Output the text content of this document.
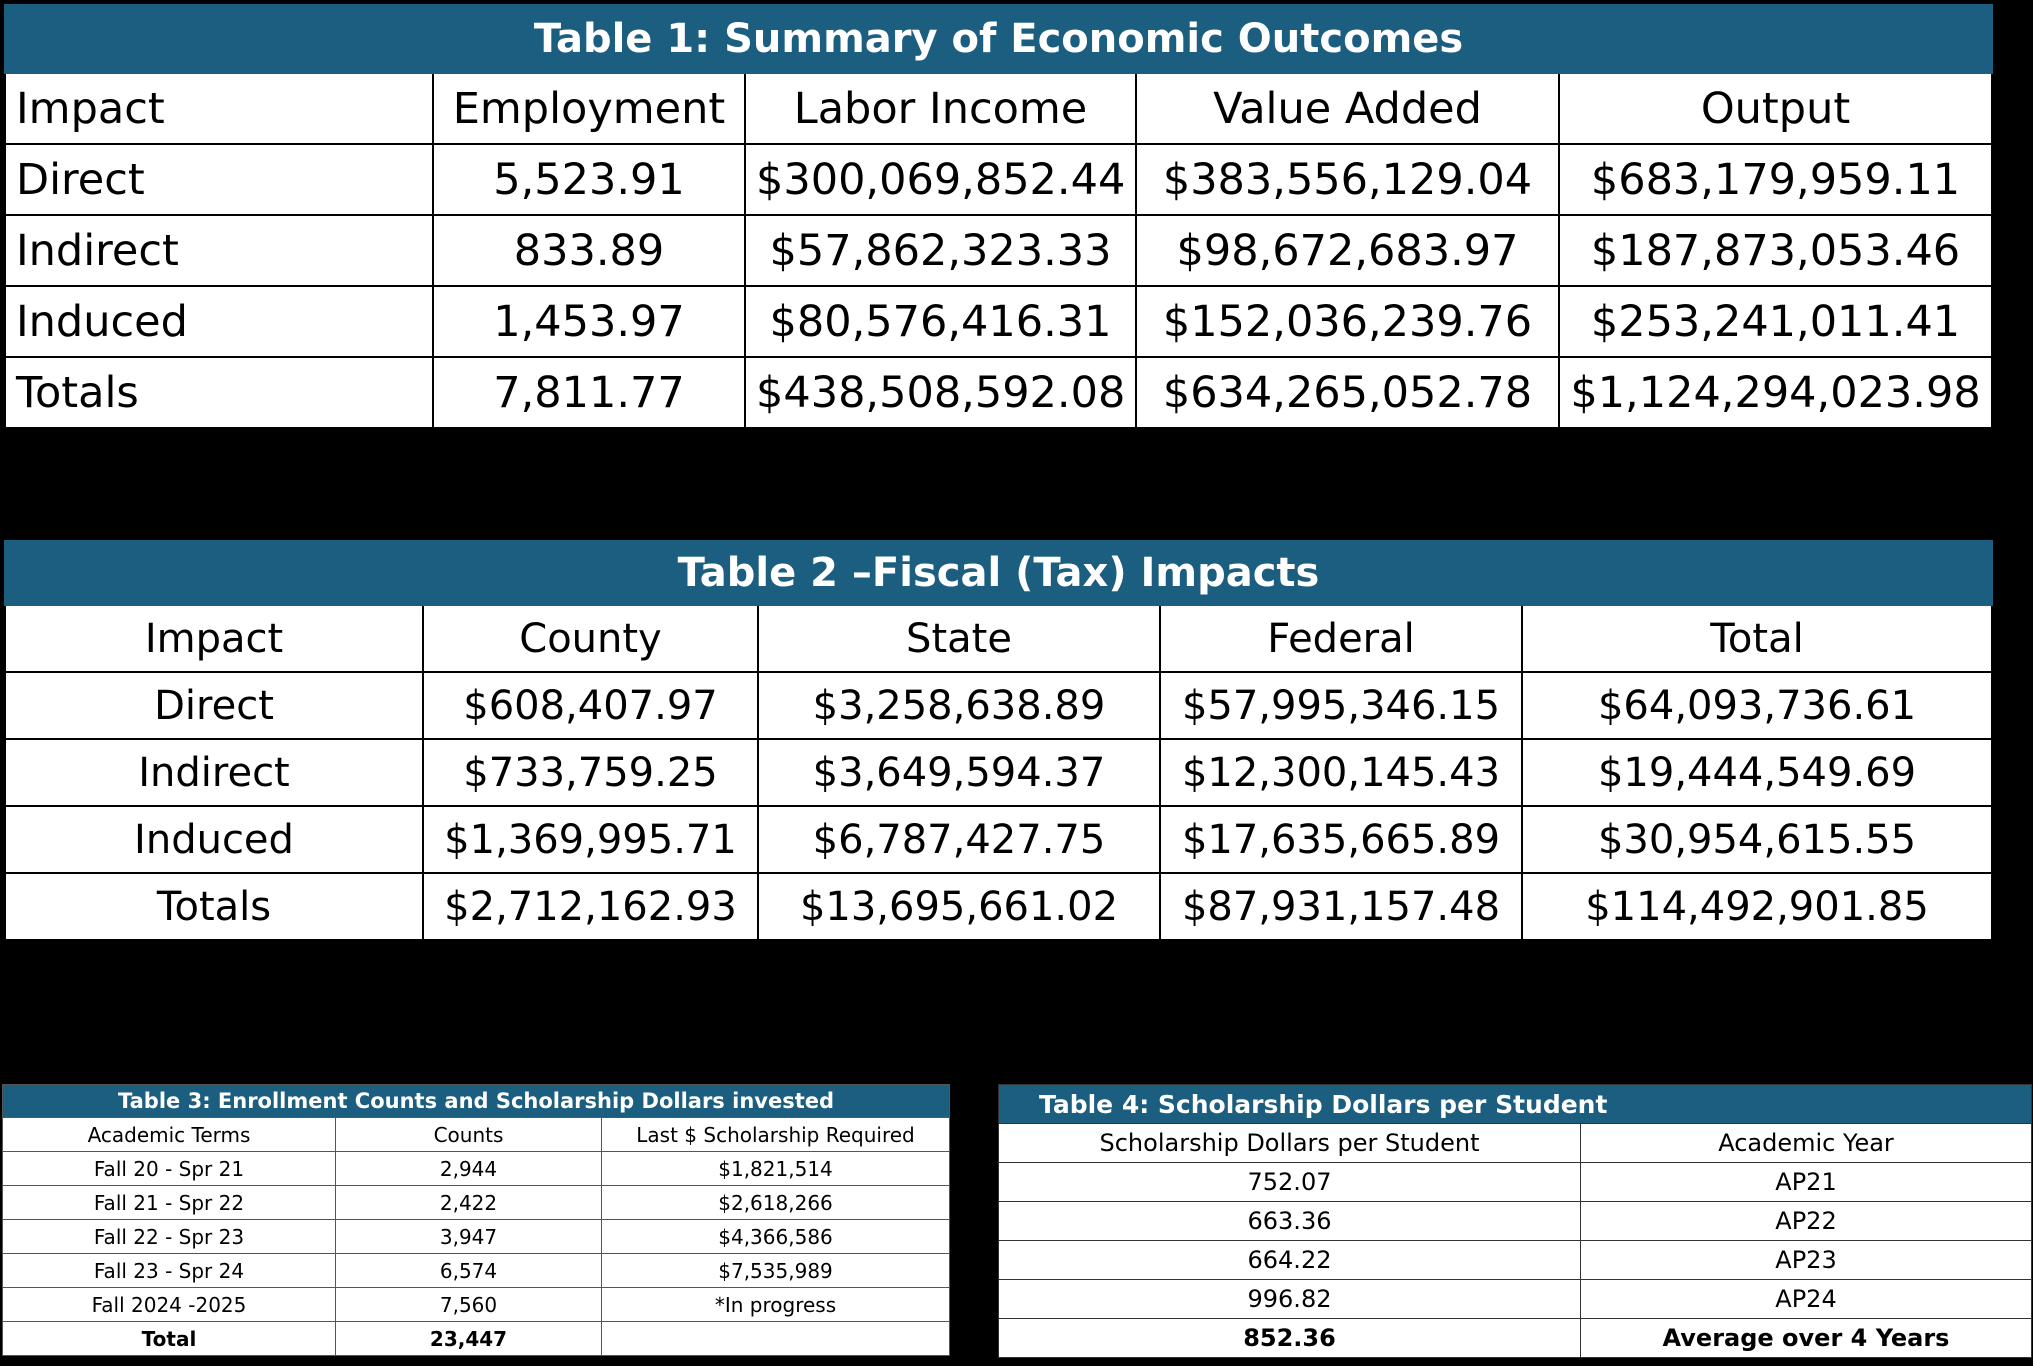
Table 1: Summary of Economic Outcomes				
Impact	Employment	Labor Income	Value Added	Output
Direct	5,523.91	$300,069,852.44	$383,556,129.04	$683,179,959.11
Indirect	833.89	$57,862,323.33	$98,672,683.97	$187,873,053.46
Induced	1,453.97	$80,576,416.31	$152,036,239.76	$253,241,011.41
Totals	7,811.77	$438,508,592.08	$634,265,052.78	$1,124,294,023.98
Table 2 –Fiscal (Tax) Impacts				
Impact	County	State	Federal	Total
Direct	$608,407.97	$3,258,638.89	$57,995,346.15	$64,093,736.61
Indirect	$733,759.25	$3,649,594.37	$12,300,145.43	$19,444,549.69
Induced	$1,369,995.71	$6,787,427.75	$17,635,665.89	$30,954,615.55
Totals	$2,712,162.93	$13,695,661.02	$87,931,157.48	$114,492,901.85
Table 3: Enrollment Counts and Scholarship Dollars invested		
Academic Terms	Counts	Last $ Scholarship Required
Fall 20 - Spr 21	2,944	$1,821,514
Fall 21 - Spr 22	2,422	$2,618,266
Fall 22 - Spr 23	3,947	$4,366,586
Fall 23 - Spr 24	6,574	$7,535,989
Fall 2024 -2025	7,560	*In progress
Total	23,447	
Table 4: Scholarship Dollars per Student	
Scholarship Dollars per Student	Academic Year
752.07	AP21
663.36	AP22
664.22	AP23
996.82	AP24
852.36	Average over 4 Years
